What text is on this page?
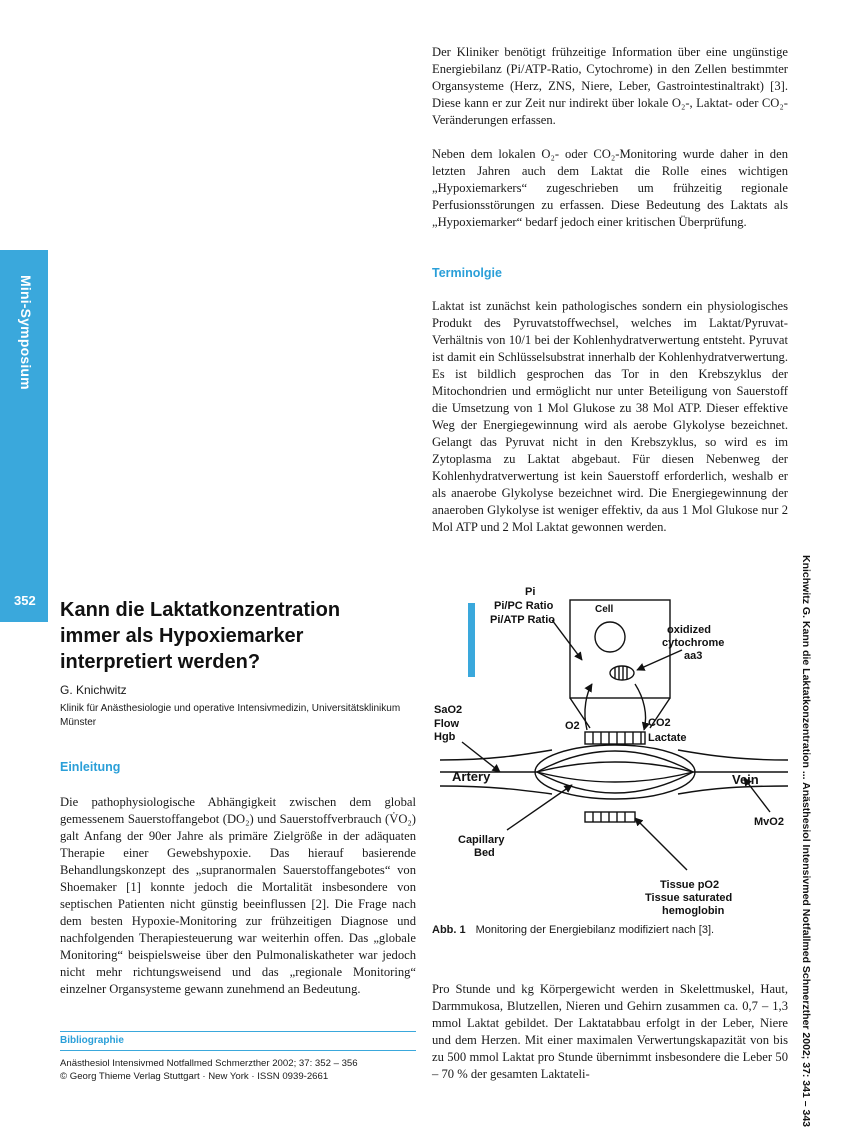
Mini-Symposium
352	Knichwitz G. Kann die Laktatkonzentration ... Anästhesiol Intensivmed Notfallmed Schmerzther 2002; 37: 341 – 343

Der Kliniker benötigt frühzeitige Information über eine ungünstige Energiebilanz (Pi/ATP-Ratio, Cytochrome) in den Zellen bestimmter Organsysteme (Herz, ZNS, Niere, Leber, Gastrointestinaltrakt) [3]. Diese kann er zur Zeit nur indirekt über lokale O₂-, Laktat- oder CO₂-Veränderungen erfassen.

Neben dem lokalen O₂- oder CO₂-Monitoring wurde daher in den letzten Jahren auch dem Laktat die Rolle eines wichtigen „Hypoxiemarkers“ zugeschrieben um frühzeitig regionale Perfusionsstörungen zu erfassen. Diese Bedeutung des Laktats als „Hypoxiemarker“ bedarf jedoch einer kritischen Überprüfung.

Terminolgie

Laktat ist zunächst kein pathologisches sondern ein physiologisches Produkt des Pyruvatstoffwechsel, welches im Laktat/Pyruvat-Verhältnis von 10/1 bei der Kohlenhydratverwertung entsteht. Pyruvat ist damit ein Schlüsselsubstrat innerhalb der Kohlenhydratverwertung. Es ist bildlich gesprochen das Tor in den Krebszyklus der Mitochondrien und ermöglicht nur unter Beteiligung von Sauerstoff die Umsetzung von 1 Mol Glukose zu 38 Mol ATP. Dieser effektive Weg der Energiegewinnung wird als aerobe Glykolyse bezeichnet. Gelangt das Pyruvat nicht in den Krebszyklus, so wird es im Zytoplasma zu Laktat abgebaut. Für diesen Nebenweg der Kohlenhydratverwertung ist kein Sauerstoff erforderlich, weshalb er als anaerobe Glykolyse bezeichnet wird. Die Energiegewinnung der anaeroben Glykolyse ist weniger effektiv, da aus 1 Mol Glukose nur 2 Mol ATP und 2 Mol Laktat gewonnen werden.

Kann die Laktatkonzentration immer als Hypoxiemarker interpretiert werden?
G. Knichwitz
Klinik für Anästhesiologie und operative Intensivmedizin, Universitätsklinikum Münster
Einleitung

Die pathophysiologische Abhängigkeit zwischen dem global gemessenem Sauerstoffangebot (DO₂) und Sauerstoffverbrauch (V̇O₂) galt Anfang der 90er Jahre als primäre Zielgröße in der adäquaten Therapie einer Gewebshypoxie. Das hierauf basierende Behandlungskonzept des „supranormalen Sauerstoffangebotes“ von Shoemaker [1] konnte jedoch die Mortalität insbesondere von septischen Patienten nicht günstig beeinflussen [2]. Die Frage nach dem besten Hypoxie-Monitoring zur frühzeitigen Diagnose und nachfolgenden Therapiesteuerung war weiterhin offen. Das „globale Monitoring“ beispielsweise über den Pulmonaliskatheter war jedoch nicht mehr richtungsweisend und das „regionale Monitoring“ einzelner Organsysteme gewann zunehmend an Bedeutung.

Bibliographie
Anästhesiol Intensivmed Notfallmed Schmerzther 2002; 37: 352 – 356
© Georg Thieme Verlag Stuttgart · New York · ISSN 0939-2661
Pi
Pi/PC Ratio
Pi/ATP Ratio
Cell
oxidized
cytochrome
aa3
SaO2
Flow
Hgb
O2	CO2
Lactate
Artery	Vein
MvO2
Capillary
Bed
Tissue pO2
Tissue saturated
hemoglobin
Abb. 1 Monitoring der Energiebilanz modifiziert nach [3].

Pro Stunde und kg Körpergewicht werden in Skelettmuskel, Haut, Darmmukosa, Blutzellen, Nieren und Gehirn zusammen ca. 0,7 – 1,3 mmol Laktat gebildet. Der Laktatabbau erfolgt in der Leber, Niere und dem Herzen. Mit einer maximalen Verwertungskapazität von bis zu 500 mmol Laktat pro Stunde übernimmt insbesondere die Leber 50 – 70 % der gesamten Laktateli-
